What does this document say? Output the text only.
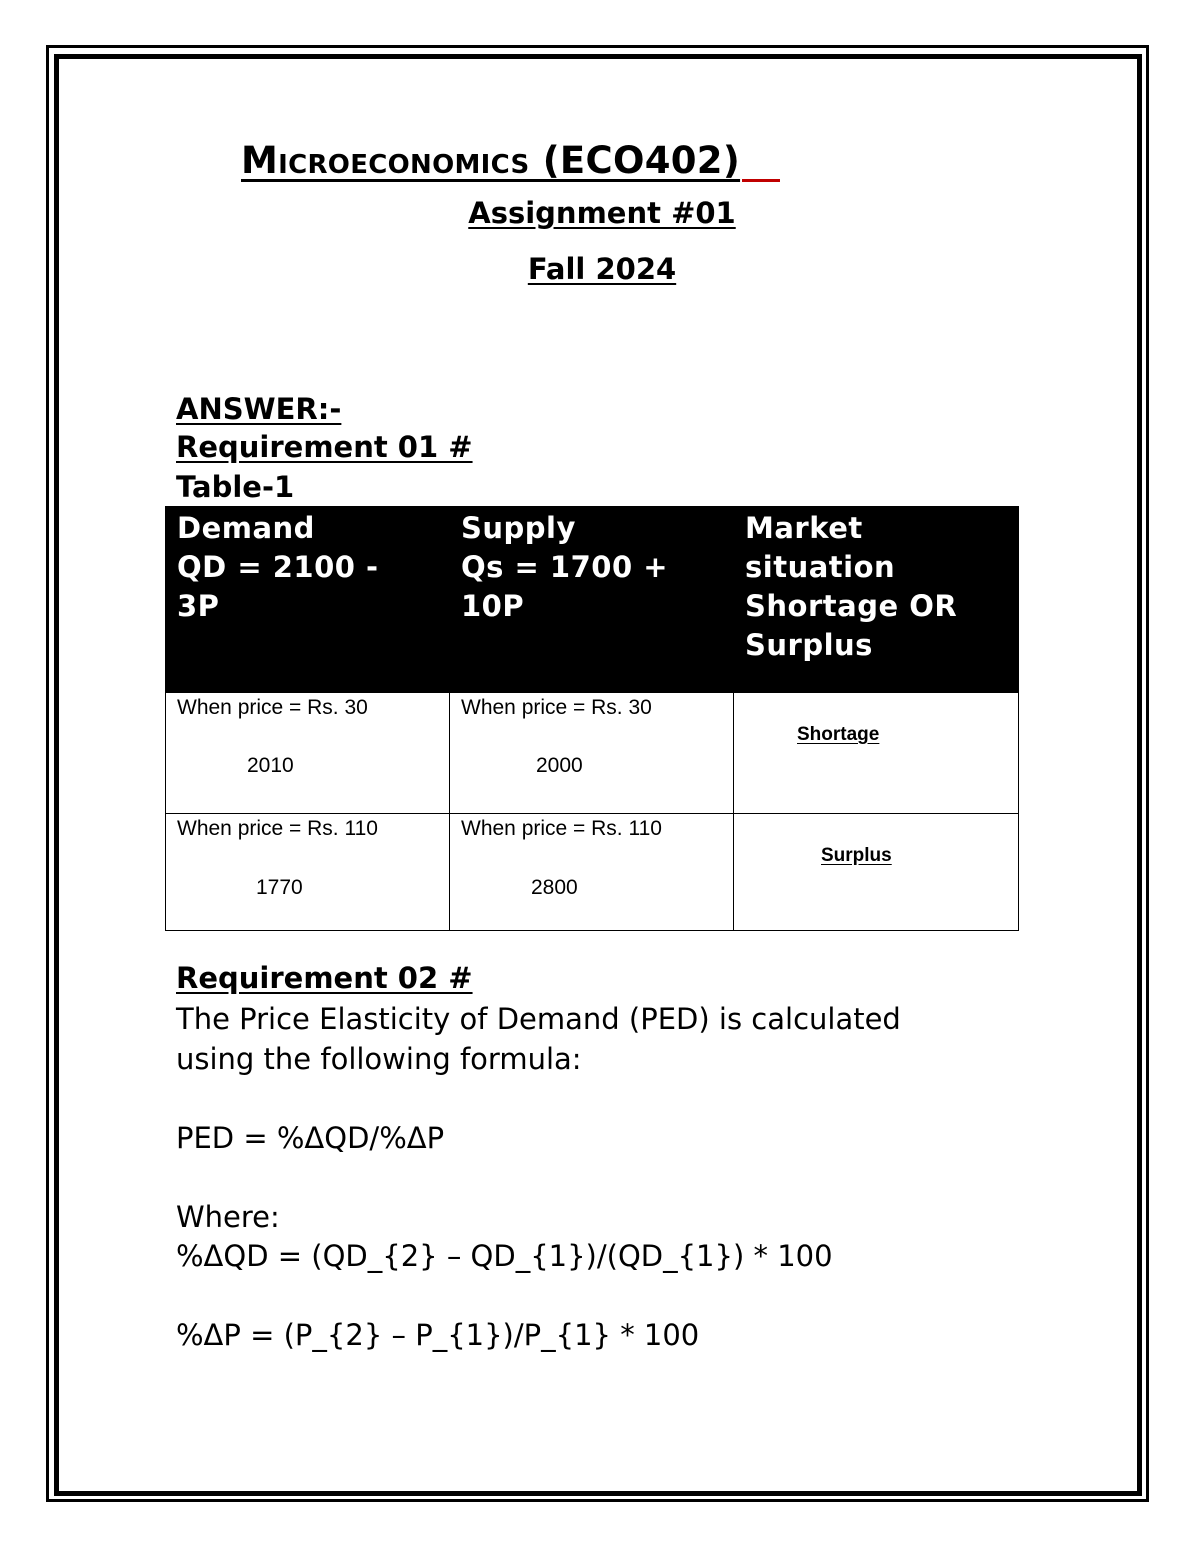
Microeconomics (ECO402)
Assignment #01
Fall 2024
ANSWER:-
Requirement 01 #
Table-1
Demand
QD = 2100 -
3P	Supply
Qs = 1700 +
10P	Market
situation
Shortage OR
Surplus

When price = Rs. 30
2010	When price = Rs. 30
2000	Shortage

When price = Rs. 110
1770	When price = Rs. 110
2800	Surplus
Requirement 02 #

The Price Elasticity of Demand (PED) is calculated

using the following formula:

PED = %ΔQD/%ΔP

Where:

%ΔQD = (QD_{2} – QD_{1})/(QD_{1}) * 100

%ΔP = (P_{2} – P_{1})/P_{1} * 100
